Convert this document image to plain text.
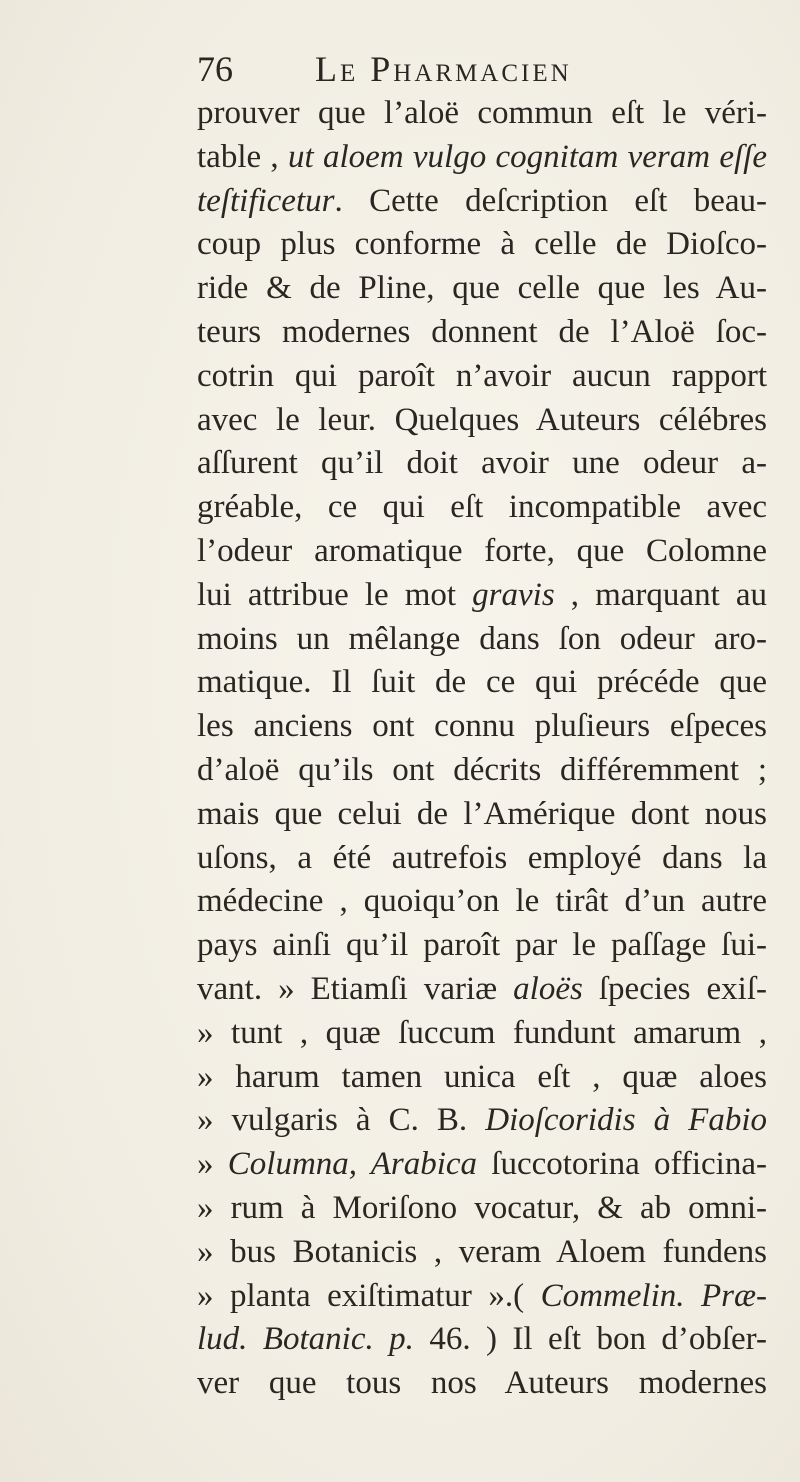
76 Le Pharmacien
prouver que l’aloë commun eſt le véri-
table , ut aloem vulgo cognitam veram eſſe
teſtificetur. Cette deſcription eſt beau-
coup plus conforme à celle de Dioſco-
ride & de Pline, que celle que les Au-
teurs modernes donnent de l’Aloë ſoc-
cotrin qui paroît n’avoir aucun rapport
avec le leur. Quelques Auteurs célébres
aſſurent qu’il doit avoir une odeur a-
gréable, ce qui eſt incompatible avec
l’odeur aromatique forte, que Colomne
lui attribue le mot gravis , marquant au
moins un mêlange dans ſon odeur aro-
matique. Il ſuit de ce qui précéde que
les anciens ont connu pluſieurs eſpeces
d’aloë qu’ils ont décrits différemment ;
mais que celui de l’Amérique dont nous
uſons, a été autrefois employé dans la
médecine , quoiqu’on le tirât d’un autre
pays ainſi qu’il paroît par le paſſage ſui-
vant. » Etiamſi variæ aloës ſpecies exiſ-
» tunt , quæ ſuccum fundunt amarum ,
» harum tamen unica eſt , quæ aloes
» vulgaris à C. B. Dioſcoridis à Fabio
» Columna, Arabica ſuccotorina officina-
» rum à Moriſono vocatur, & ab omni-
» bus Botanicis , veram Aloem fundens
» planta exiſtimatur ».( Commelin. Præ-
lud. Botanic. p. 46. ) Il eſt bon d’obſer-
ver que tous nos Auteurs modernes
